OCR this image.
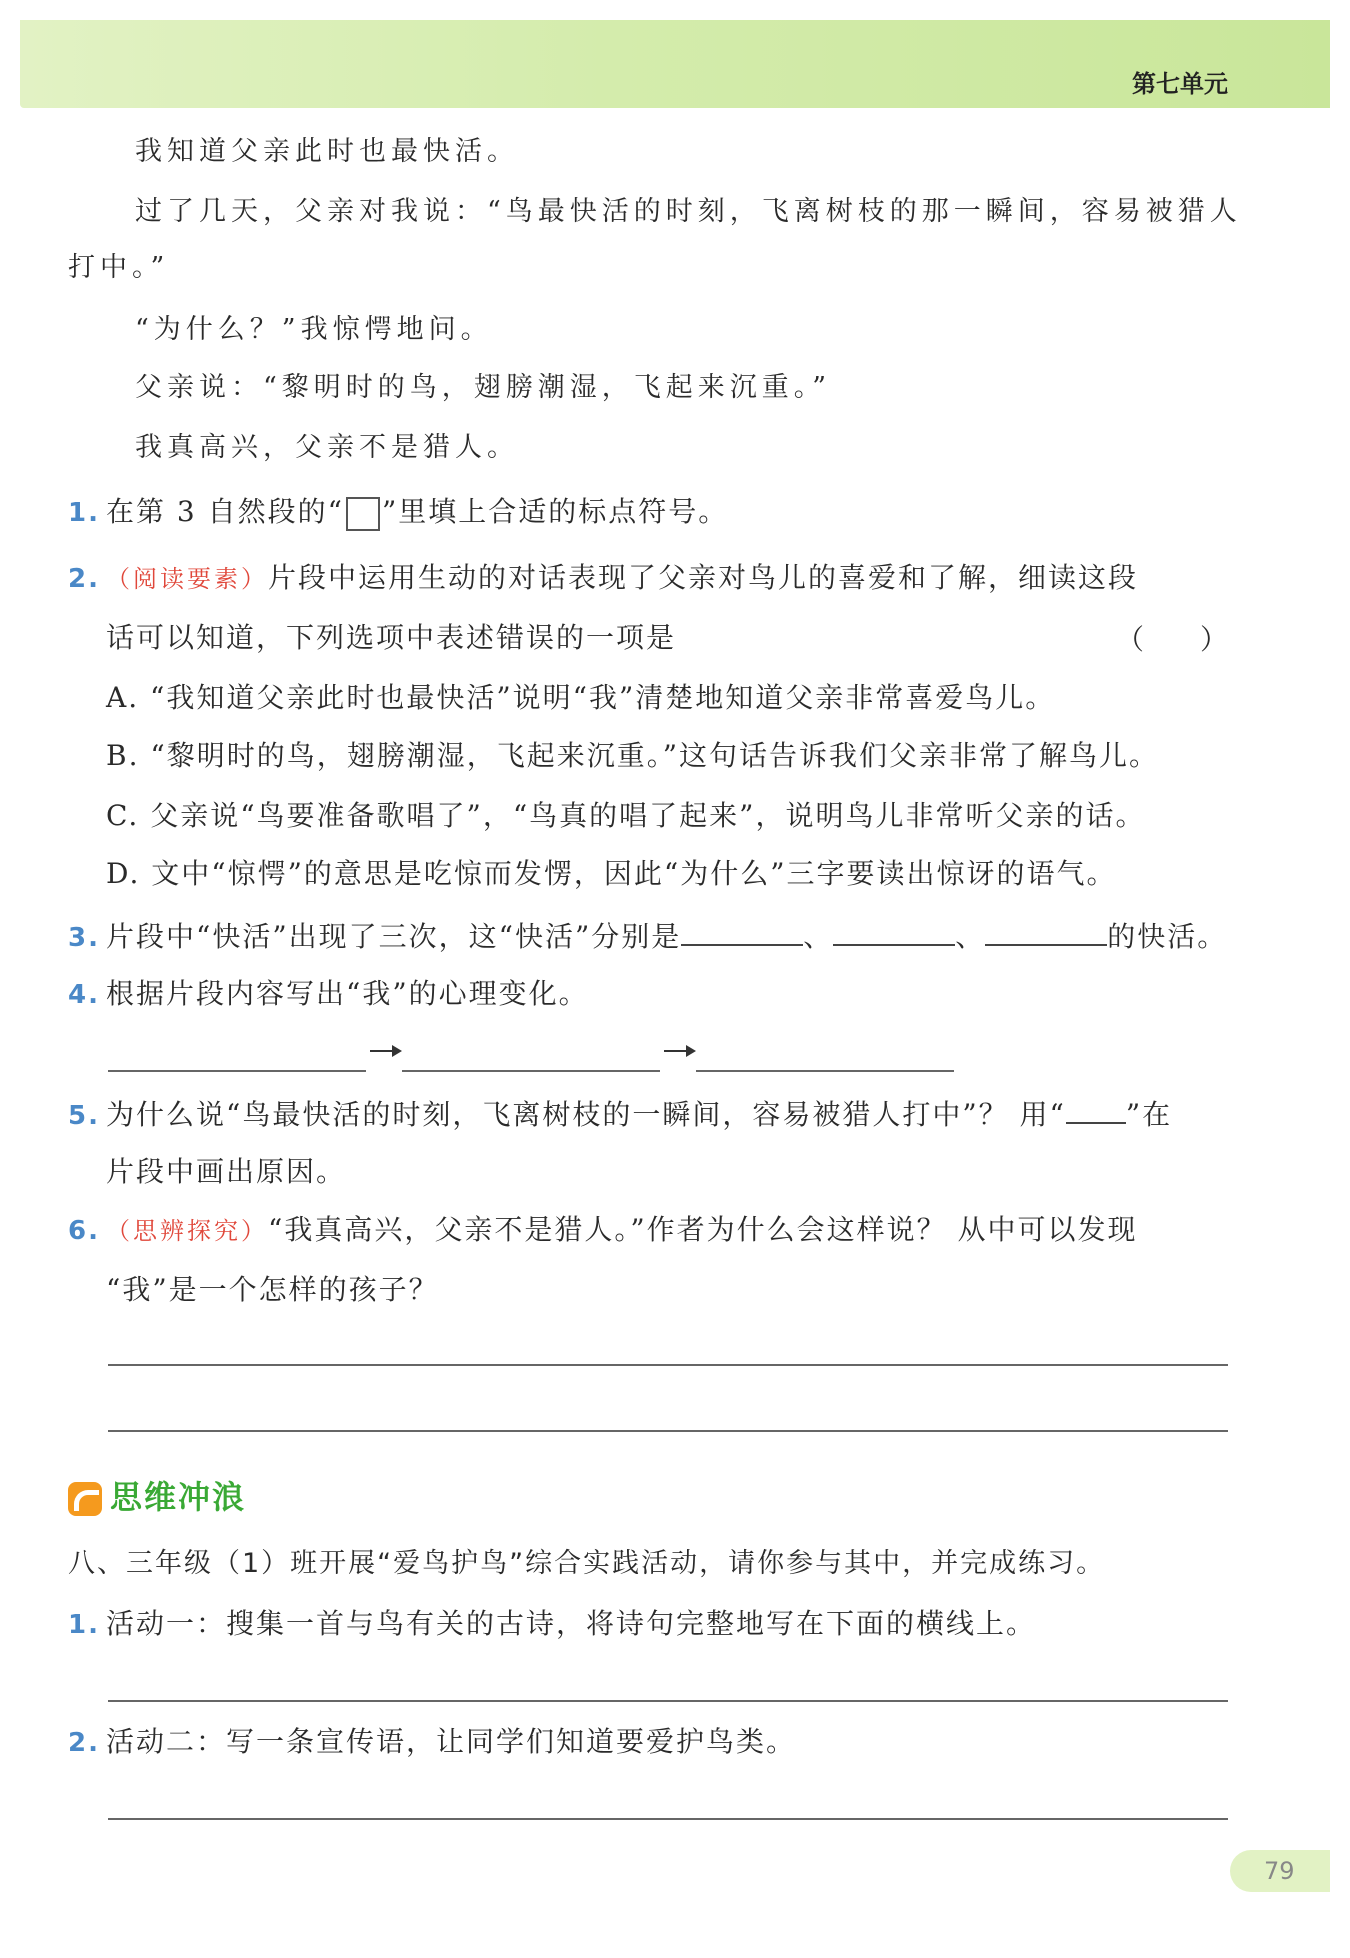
第七单元
我知道父亲此时也最快活。
过了几天，父亲对我说：“鸟最快活的时刻，飞离树枝的那一瞬间，容易被猎人
打中。”
“为什么？”我惊愕地问。
父亲说：“黎明时的鸟，翅膀潮湿，飞起来沉重。”
我真高兴，父亲不是猎人。
1. 在第 3 自然段的“ ”里填上合适的标点符号。
2. （阅读要素）片段中运用生动的对话表现了父亲对鸟儿的喜爱和了解，细读这段
话可以知道，下列选项中表述错误的一项是	（　　）
A. “我知道父亲此时也最快活”说明“我”清楚地知道父亲非常喜爱鸟儿。
B. “黎明时的鸟，翅膀潮湿，飞起来沉重。”这句话告诉我们父亲非常了解鸟儿。
C. 父亲说“鸟要准备歌唱了”，“鸟真的唱了起来”，说明鸟儿非常听父亲的话。
D. 文中“惊愕”的意思是吃惊而发愣，因此“为什么”三字要读出惊讶的语气。
3. 片段中“快活”出现了三次，这“快活”分别是	、	、	的快活。
4. 根据片段内容写出“我”的心理变化。
5. 为什么说“鸟最快活的时刻，飞离树枝的一瞬间，容易被猎人打中”？ 用“ ”在
片段中画出原因。
6. （思辨探究）“我真高兴，父亲不是猎人。”作者为什么会这样说？ 从中可以发现
“我”是一个怎样的孩子？
思维冲浪
八、三年级（1）班开展“爱鸟护鸟”综合实践活动，请你参与其中，并完成练习。
1. 活动一：搜集一首与鸟有关的古诗，将诗句完整地写在下面的横线上。
2. 活动二：写一条宣传语，让同学们知道要爱护鸟类。
79
